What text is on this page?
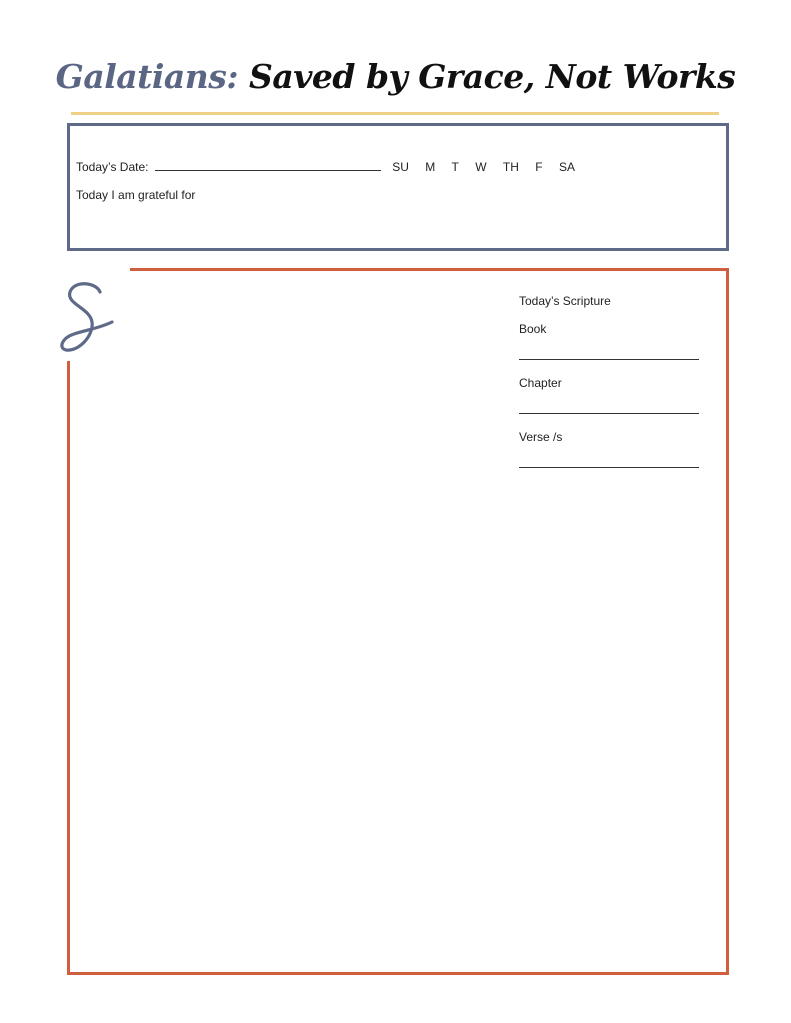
Galatians: Saved by Grace, Not Works
Today’s Date:	SU M T W TH F SA
Today I am grateful for
Today’s Scripture
Book
Chapter
Verse /s
